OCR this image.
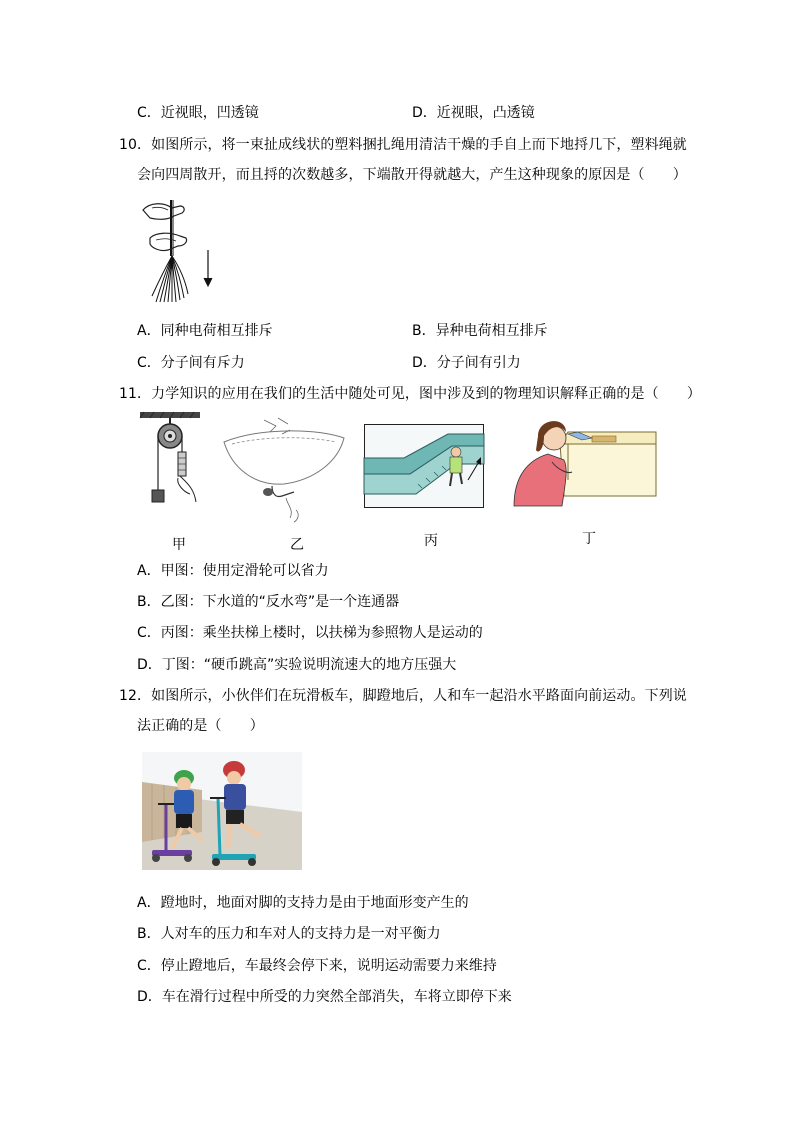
C．近视眼，凹透镜	D．近视眼，凸透镜
10．如图所示，将一束扯成线状的塑料捆扎绳用清洁干燥的手自上而下地捋几下，塑料绳就
会向四周散开，而且捋的次数越多，下端散开得就越大，产生这种现象的原因是（　　）
A．同种电荷相互排斥	B．异种电荷相互排斥
C．分子间有斥力	D．分子间有引力
11．力学知识的应用在我们的生活中随处可见，图中涉及到的物理知识解释正确的是（　　）
甲	乙	丙	丁
A．甲图：使用定滑轮可以省力
B．乙图：下水道的“反水弯”是一个连通器
C．丙图：乘坐扶梯上楼时，以扶梯为参照物人是运动的
D．丁图：“硬币跳高”实验说明流速大的地方压强大
12．如图所示，小伙伴们在玩滑板车，脚蹬地后，人和车一起沿水平路面向前运动。下列说
法正确的是（　　）
A．蹬地时，地面对脚的支持力是由于地面形变产生的
B．人对车的压力和车对人的支持力是一对平衡力
C．停止蹬地后，车最终会停下来，说明运动需要力来维持
D．车在滑行过程中所受的力突然全部消失，车将立即停下来
